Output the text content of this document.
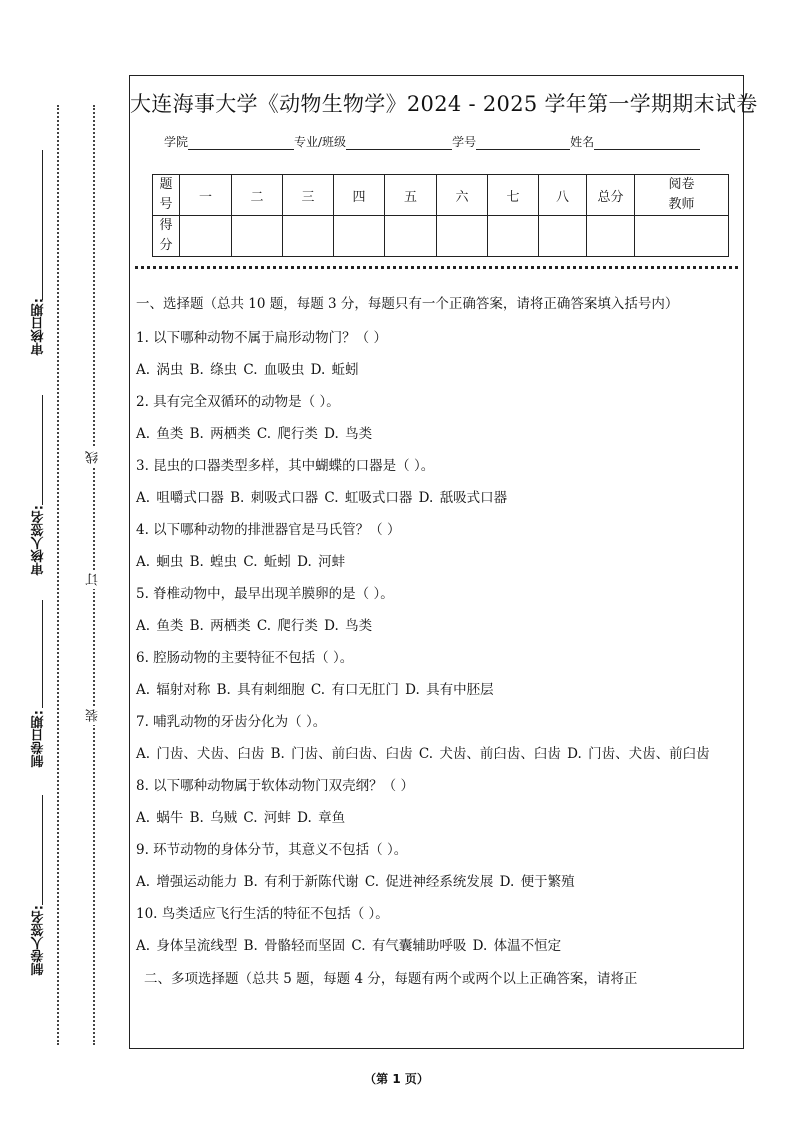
审核日期:
审核人签名:
制卷日期:
制卷人签名:
线
订
装
大连海事大学《动物生物学》2024 - 2025 学年第一学期期末试卷
学院	专业/班级	学号	姓名
题号	一	二	三	四	五	六	七	八	总分	阅卷教师

得分										

一、选择题（总共 10 题，每题 3 分，每题只有一个正确答案，请将正确答案填入括号内）
1. 以下哪种动物不属于扁形动物门？（ ）
A. 涡虫 B. 绦虫 C. 血吸虫 D. 蚯蚓
2. 具有完全双循环的动物是（ ）。
A. 鱼类 B. 两栖类 C. 爬行类 D. 鸟类
3. 昆虫的口器类型多样，其中蝴蝶的口器是（ ）。
A. 咀嚼式口器 B. 刺吸式口器 C. 虹吸式口器 D. 舐吸式口器
4. 以下哪种动物的排泄器官是马氏管？（ ）
A. 蛔虫 B. 蝗虫 C. 蚯蚓 D. 河蚌
5. 脊椎动物中，最早出现羊膜卵的是（ ）。
A. 鱼类 B. 两栖类 C. 爬行类 D. 鸟类
6. 腔肠动物的主要特征不包括（ ）。
A. 辐射对称 B. 具有刺细胞 C. 有口无肛门 D. 具有中胚层
7. 哺乳动物的牙齿分化为（ ）。
A. 门齿、犬齿、臼齿 B. 门齿、前臼齿、臼齿 C. 犬齿、前臼齿、臼齿 D. 门齿、犬齿、前臼齿
8. 以下哪种动物属于软体动物门双壳纲？（ ）
A. 蜗牛 B. 乌贼 C. 河蚌 D. 章鱼
9. 环节动物的身体分节，其意义不包括（ ）。
A. 增强运动能力 B. 有利于新陈代谢 C. 促进神经系统发展 D. 便于繁殖
10. 鸟类适应飞行生活的特征不包括（ ）。
A. 身体呈流线型 B. 骨骼轻而坚固 C. 有气囊辅助呼吸 D. 体温不恒定
二、多项选择题（总共 5 题，每题 4 分，每题有两个或两个以上正确答案，请将正
（第 1 页）
